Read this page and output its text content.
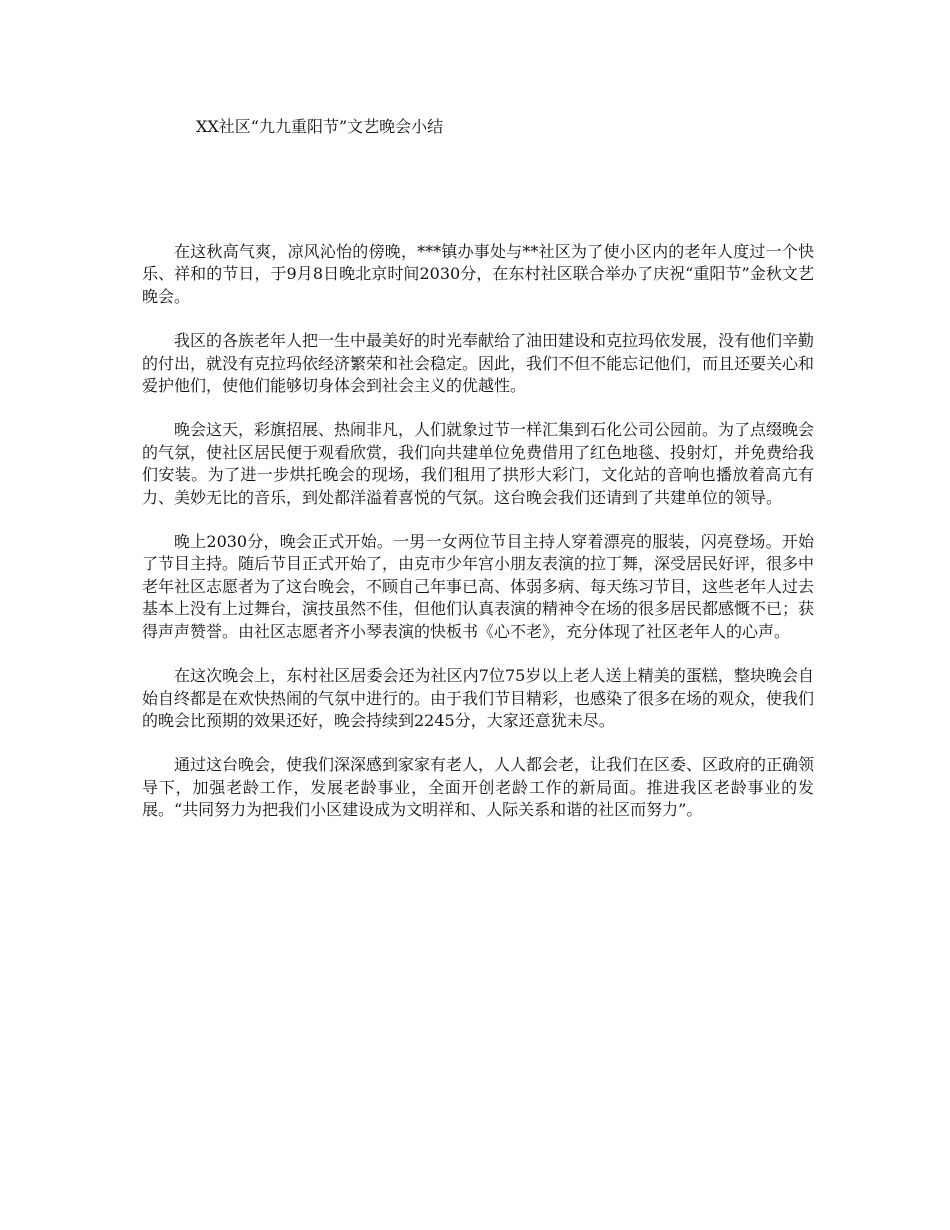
XX社区“九九重阳节”文艺晚会小结

在这秋高气爽，凉风沁怡的傍晚，***镇办事处与**社区为了使小区内的老年人度过一个快乐、祥和的节日，于9月8日晚北京时间2030分，在东村社区联合举办了庆祝“重阳节”金秋文艺晚会。

我区的各族老年人把一生中最美好的时光奉献给了油田建设和克拉玛依发展，没有他们辛勤的付出，就没有克拉玛依经济繁荣和社会稳定。因此，我们不但不能忘记他们，而且还要关心和爱护他们，使他们能够切身体会到社会主义的优越性。

晚会这天，彩旗招展、热闹非凡，人们就象过节一样汇集到石化公司公园前。为了点缀晚会的气氛，使社区居民便于观看欣赏，我们向共建单位免费借用了红色地毯、投射灯，并免费给我们安装。为了进一步烘托晚会的现场，我们租用了拱形大彩门，文化站的音响也播放着高亢有力、美妙无比的音乐，到处都洋溢着喜悦的气氛。这台晚会我们还请到了共建单位的领导。

晚上2030分，晚会正式开始。一男一女两位节目主持人穿着漂亮的服装，闪亮登场。开始了节目主持。随后节目正式开始了，由克市少年宫小朋友表演的拉丁舞，深受居民好评，很多中老年社区志愿者为了这台晚会，不顾自己年事已高、体弱多病、每天练习节目，这些老年人过去基本上没有上过舞台，演技虽然不佳，但他们认真表演的精神令在场的很多居民都感慨不已；获得声声赞誉。由社区志愿者齐小琴表演的快板书《心不老》，充分体现了社区老年人的心声。

在这次晚会上，东村社区居委会还为社区内7位75岁以上老人送上精美的蛋糕，整块晚会自始自终都是在欢快热闹的气氛中进行的。由于我们节目精彩，也感染了很多在场的观众，使我们的晚会比预期的效果还好，晚会持续到2245分，大家还意犹未尽。

通过这台晚会，使我们深深感到家家有老人，人人都会老，让我们在区委、区政府的正确领导下，加强老龄工作，发展老龄事业，全面开创老龄工作的新局面。推进我区老龄事业的发展。“共同努力为把我们小区建设成为文明祥和、人际关系和谐的社区而努力”。
